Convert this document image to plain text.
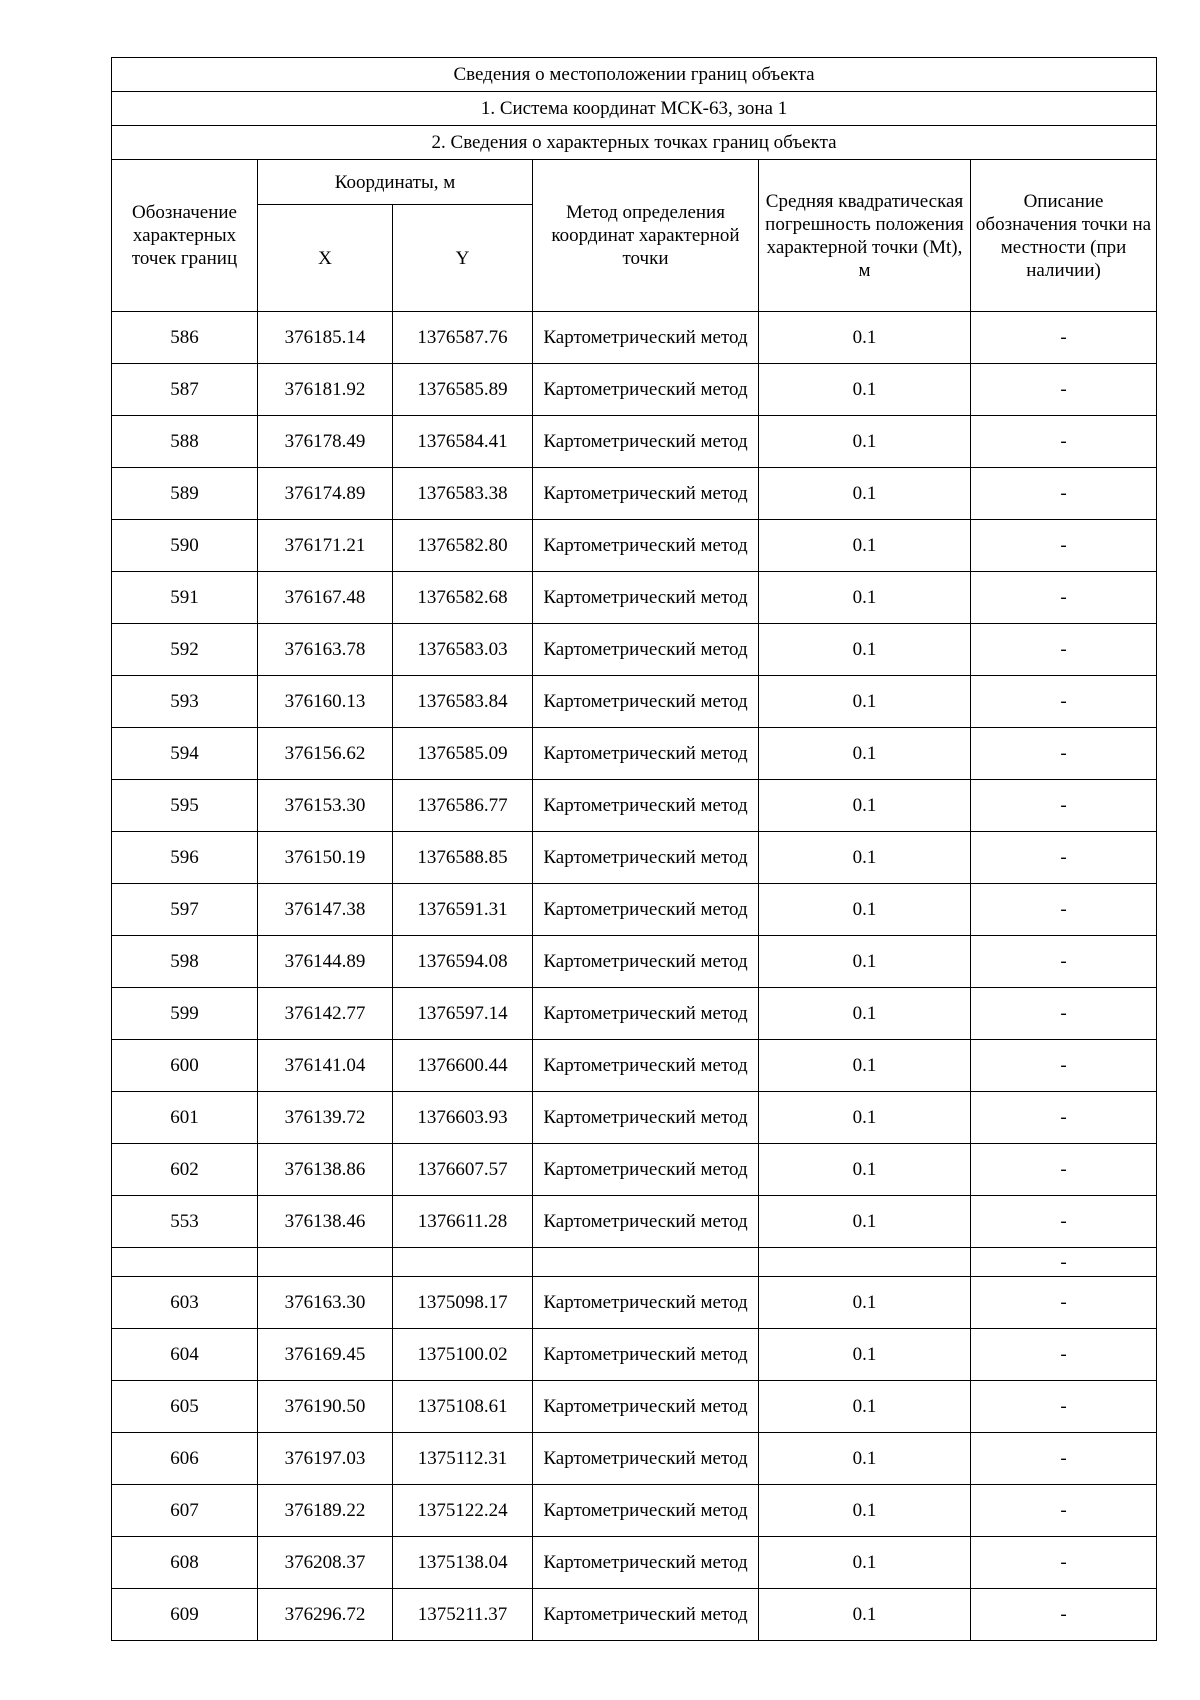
Сведения о местоположении границ объекта					
1. Система координат МСК-63, зона 1					
2. Сведения о характерных точках границ объекта					
Обозначение характерных точек границ	Координаты, м		Метод определения координат характерной точки	Средняя квадратическая погрешность положения характерной точки (Mt), м	Описание обозначения точки на местности (при наличии)
	X	Y			
586	376185.14	1376587.76	Картометрический метод	0.1	-
587	376181.92	1376585.89	Картометрический метод	0.1	-
588	376178.49	1376584.41	Картометрический метод	0.1	-
589	376174.89	1376583.38	Картометрический метод	0.1	-
590	376171.21	1376582.80	Картометрический метод	0.1	-
591	376167.48	1376582.68	Картометрический метод	0.1	-
592	376163.78	1376583.03	Картометрический метод	0.1	-
593	376160.13	1376583.84	Картометрический метод	0.1	-
594	376156.62	1376585.09	Картометрический метод	0.1	-
595	376153.30	1376586.77	Картометрический метод	0.1	-
596	376150.19	1376588.85	Картометрический метод	0.1	-
597	376147.38	1376591.31	Картометрический метод	0.1	-
598	376144.89	1376594.08	Картометрический метод	0.1	-
599	376142.77	1376597.14	Картометрический метод	0.1	-
600	376141.04	1376600.44	Картометрический метод	0.1	-
601	376139.72	1376603.93	Картометрический метод	0.1	-
602	376138.86	1376607.57	Картометрический метод	0.1	-
553	376138.46	1376611.28	Картометрический метод	0.1	-
					-
603	376163.30	1375098.17	Картометрический метод	0.1	-
604	376169.45	1375100.02	Картометрический метод	0.1	-
605	376190.50	1375108.61	Картометрический метод	0.1	-
606	376197.03	1375112.31	Картометрический метод	0.1	-
607	376189.22	1375122.24	Картометрический метод	0.1	-
608	376208.37	1375138.04	Картометрический метод	0.1	-
609	376296.72	1375211.37	Картометрический метод	0.1	-
